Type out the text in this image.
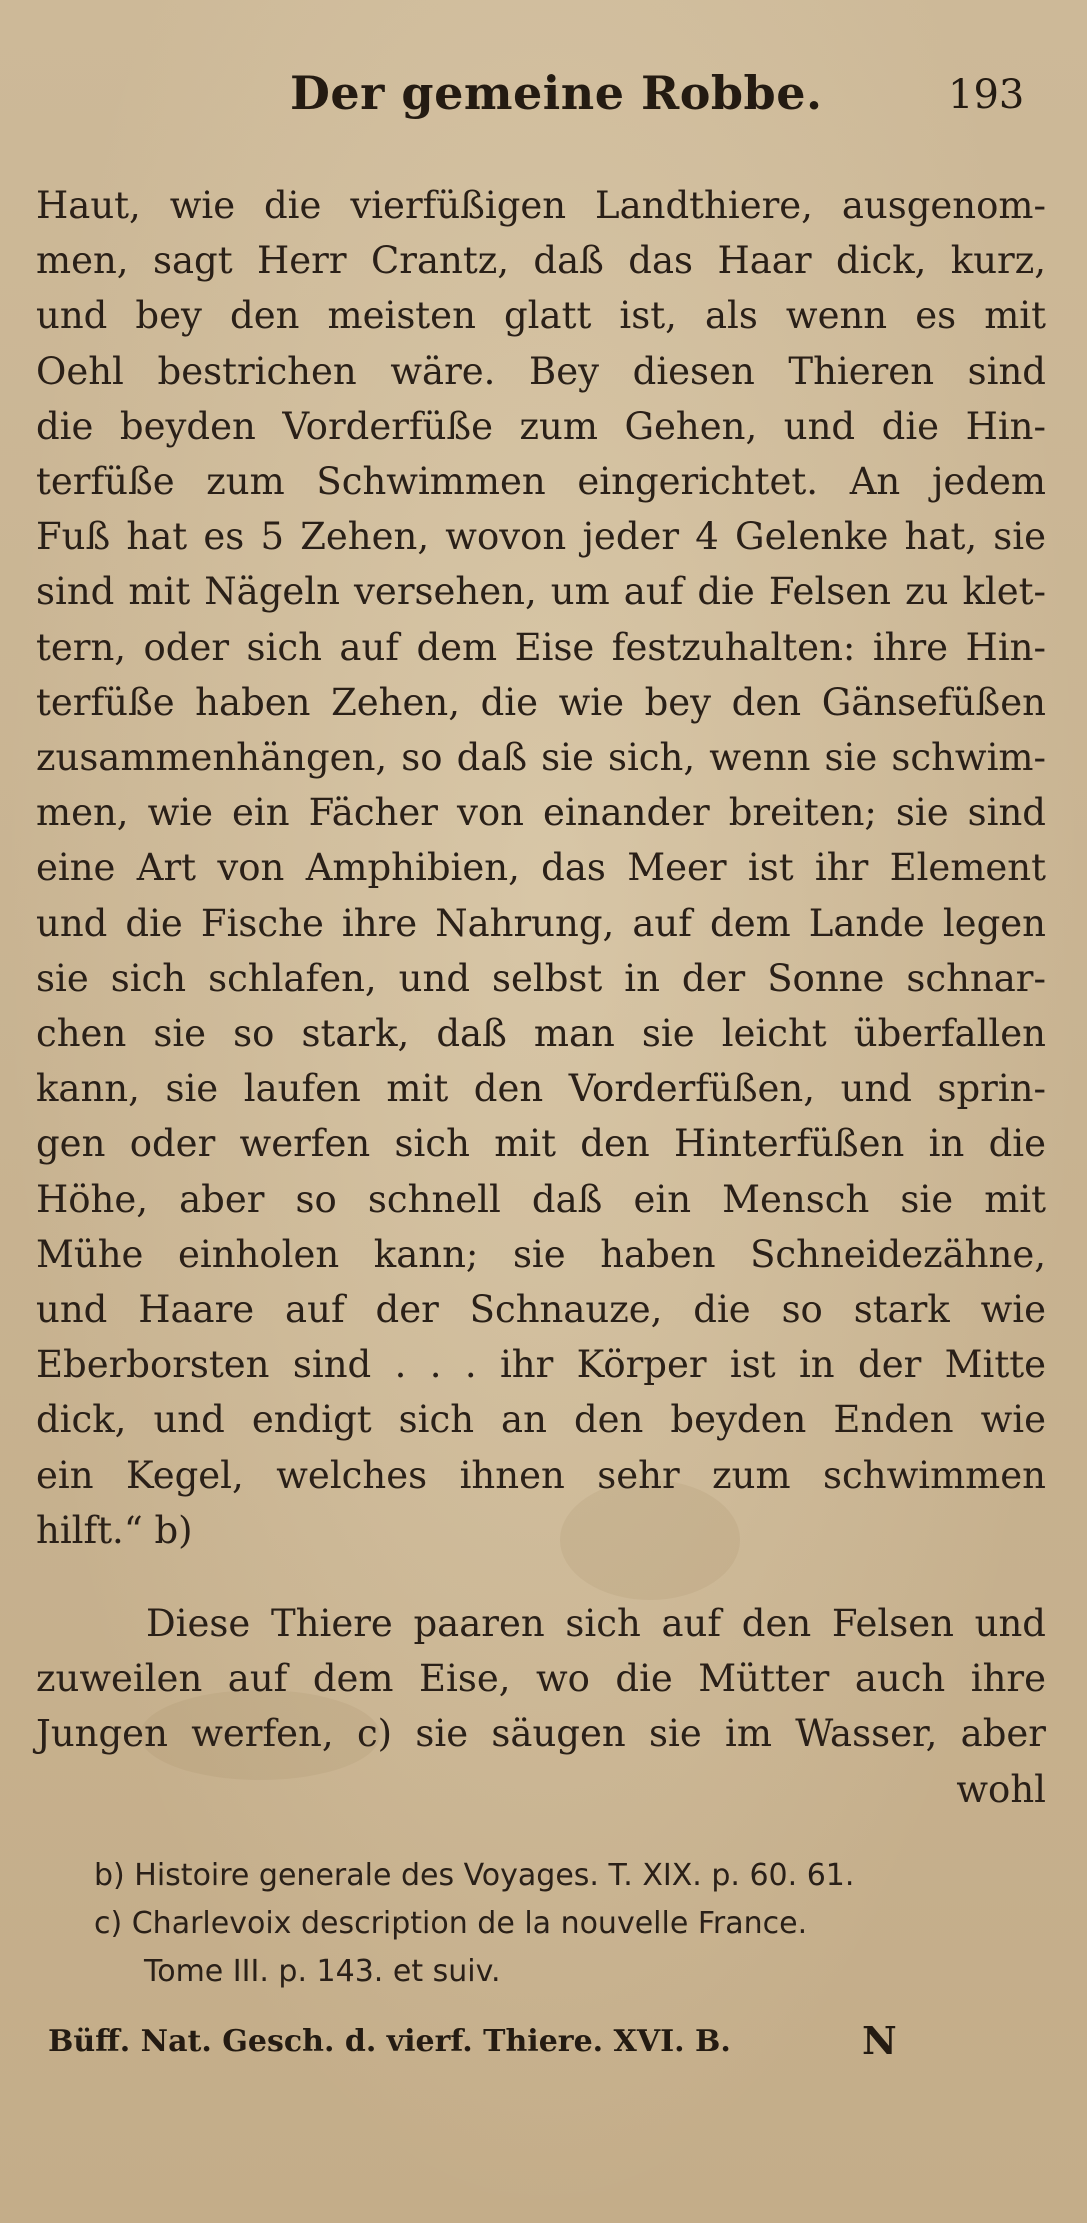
Der gemeine Robbe.	193
Haut, wie die vierfüßigen Landthiere, ausgenom-
men, sagt Herr Crantz, daß das Haar dick, kurz,
und bey den meisten glatt ist, als wenn es mit
Oehl bestrichen wäre. Bey diesen Thieren sind
die beyden Vorderfüße zum Gehen, und die Hin-
terfüße zum Schwimmen eingerichtet. An jedem
Fuß hat es 5 Zehen, wovon jeder 4 Gelenke hat, sie
sind mit Nägeln versehen, um auf die Felsen zu klet-
tern, oder sich auf dem Eise festzuhalten: ihre Hin-
terfüße haben Zehen, die wie bey den Gänsefüßen
zusammenhängen, so daß sie sich, wenn sie schwim-
men, wie ein Fächer von einander breiten; sie sind
eine Art von Amphibien, das Meer ist ihr Element
und die Fische ihre Nahrung, auf dem Lande legen
sie sich schlafen, und selbst in der Sonne schnar-
chen sie so stark, daß man sie leicht überfallen
kann, sie laufen mit den Vorderfüßen, und sprin-
gen oder werfen sich mit den Hinterfüßen in die
Höhe, aber so schnell daß ein Mensch sie mit
Mühe einholen kann; sie haben Schneidezähne,
und Haare auf der Schnauze, die so stark wie
Eberborsten sind . . . ihr Körper ist in der Mitte
dick, und endigt sich an den beyden Enden wie
ein Kegel, welches ihnen sehr zum schwimmen
hilft.“ b)
Diese Thiere paaren sich auf den Felsen und
zuweilen auf dem Eise, wo die Mütter auch ihre
Jungen werfen, c) sie säugen sie im Wasser, aber
wohl
b) Histoire generale des Voyages. T. XIX. p. 60. 61.
c) Charlevoix description de la nouvelle France.
Tome III. p. 143. et suiv.
Büff. Nat. Gesch. d. vierf. Thiere. XVI. B.	N
